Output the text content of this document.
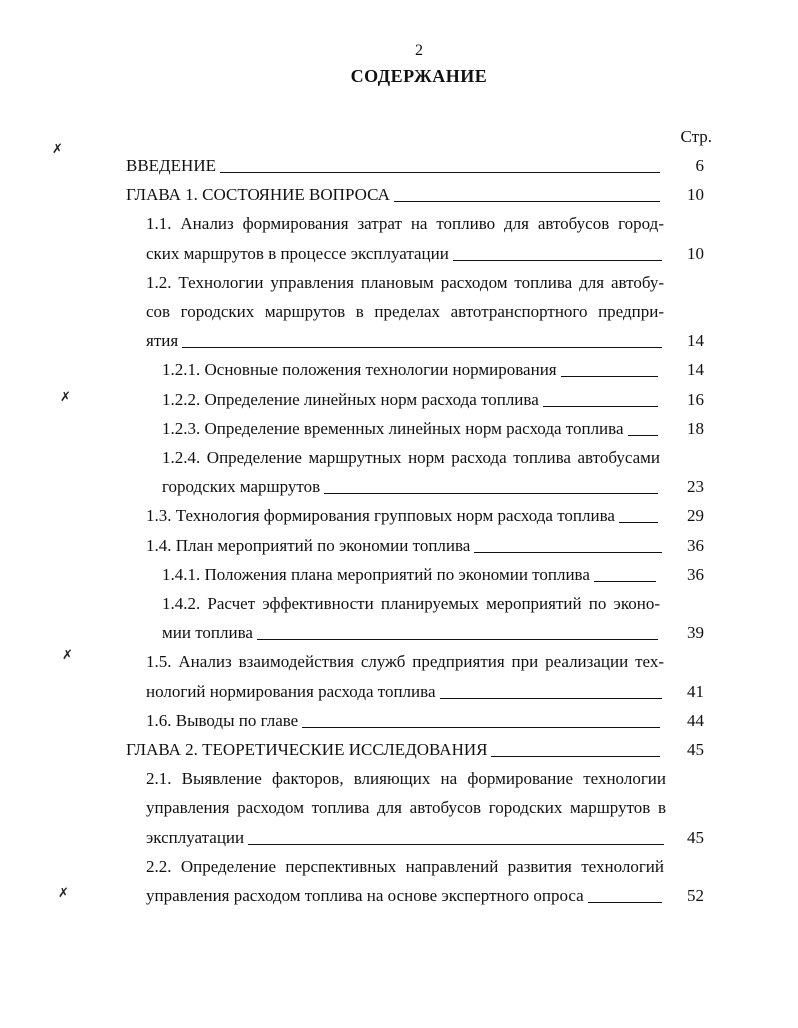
2
СОДЕРЖАНИЕ
Стр.
ВВЕДЕНИЕ	6
ГЛАВА 1. СОСТОЯНИЕ ВОПРОСА	10
1.1. Анализ формирования затрат на топливо для автобусов город-
ских маршрутов в процессе эксплуатации	10
1.2. Технологии управления плановым расходом топлива для автобу-
сов городских маршрутов в пределах автотранспортного предпри-
ятия	14
1.2.1. Основные положения технологии нормирования	14
1.2.2. Определение линейных норм расхода топлива	16
1.2.3. Определение временных линейных норм расхода топлива	18
1.2.4. Определение маршрутных норм расхода топлива автобусами
городских маршрутов	23
1.3. Технология формирования групповых норм расхода топлива	29
1.4. План мероприятий по экономии топлива	36
1.4.1. Положения плана мероприятий по экономии топлива	36
1.4.2. Расчет эффективности планируемых мероприятий по эконо-
мии топлива	39
1.5. Анализ взаимодействия служб предприятия при реализации тех-
нологий нормирования расхода топлива	41
1.6. Выводы по главе	44
ГЛАВА 2. ТЕОРЕТИЧЕСКИЕ ИССЛЕДОВАНИЯ	45
2.1. Выявление факторов, влияющих на формирование технологии
управления расходом топлива для автобусов городских маршрутов в
эксплуатации	45
2.2. Определение перспективных направлений развития технологий
управления расходом топлива на основе экспертного опроса	52
✗
✗
✗
✗
